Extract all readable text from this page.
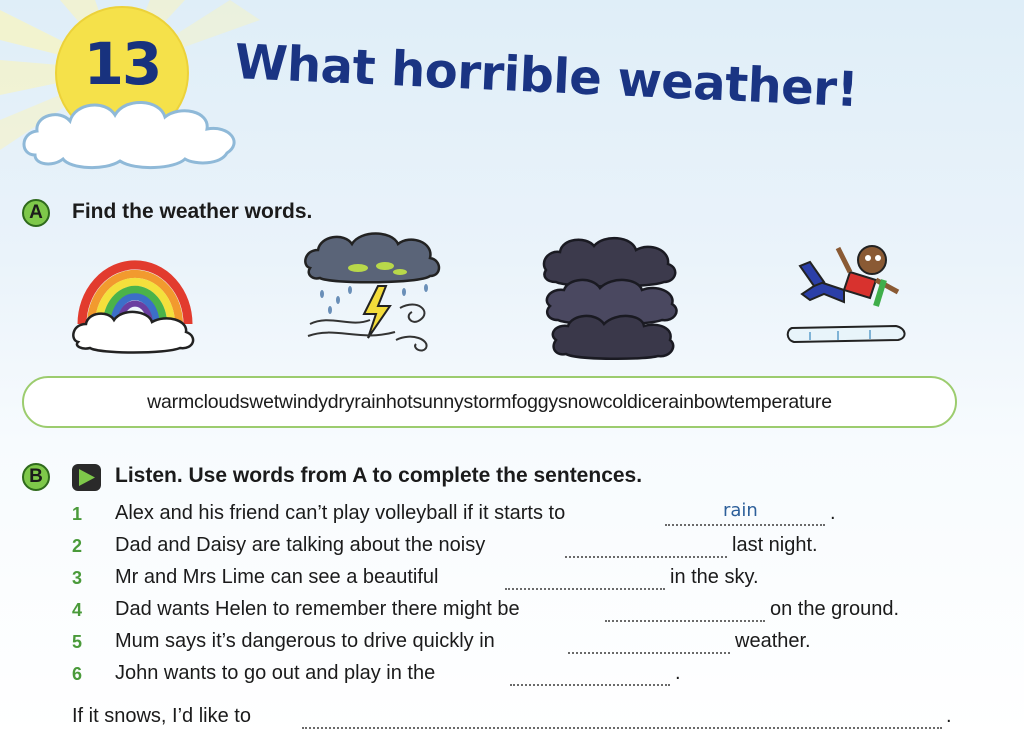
13	What horrible weather!
A	Find the weather words.
warmcloudswetwindydryrainhotsunnystormfoggysnowcoldicerainbowtemperature
B	Listen. Use words from A to complete the sentences.
1	Alex and his friend can’t play volleyball if it starts to	rain	.
2	Dad and Daisy are talking about the noisy	last night.
3	Mr and Mrs Lime can see a beautiful	in the sky.
4	Dad wants Helen to remember there might be	on the ground.
5	Mum says it’s dangerous to drive quickly in	weather.
6	John wants to go out and play in the	.
If it snows, I’d like to	.
